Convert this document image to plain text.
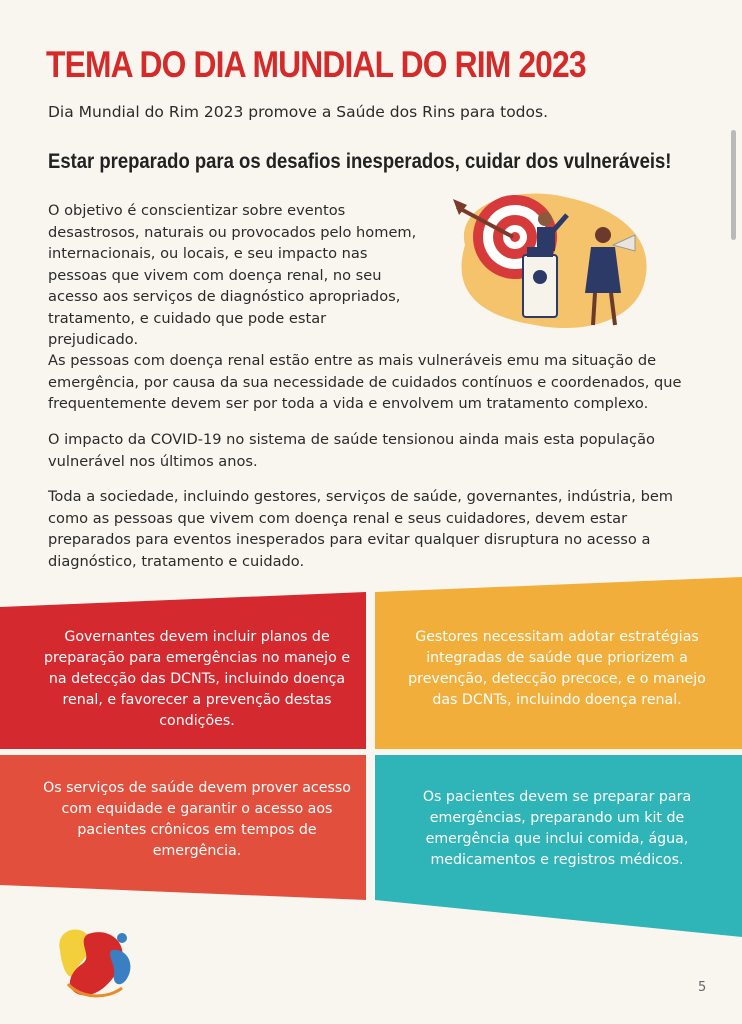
TEMA DO DIA MUNDIAL DO RIM 2023

Dia Mundial do Rim 2023 promove a Saúde dos Rins para todos.

Estar preparado para os desafios inesperados, cuidar dos vulneráveis!

O objetivo é conscientizar sobre eventos desastrosos, naturais ou provocados pelo homem, internacionais, ou locais, e seu impacto nas pessoas que vivem com doença renal, no seu acesso aos serviços de diagnóstico apropriados, tratamento, e cuidado que pode estar prejudicado.

As pessoas com doença renal estão entre as mais vulneráveis emu ma situação de emergência, por causa da sua necessidade de cuidados contínuos e coordenados, que frequentemente devem ser por toda a vida e envolvem um tratamento complexo.

O impacto da COVID-19 no sistema de saúde tensionou ainda mais esta população vulnerável nos últimos anos.

Toda a sociedade, incluindo gestores, serviços de saúde, governantes, indústria, bem como as pessoas que vivem com doença renal e seus cuidadores, devem estar preparados para eventos inesperados para evitar qualquer disruptura no acesso a diagnóstico, tratamento e cuidado.

Governantes devem incluir planos de preparação para emergências no manejo e na detecção das DCNTs, incluindo doença renal, e favorecer a prevenção destas condições.

Gestores necessitam adotar estratégias integradas de saúde que priorizem a prevenção, detecção precoce, e o manejo das DCNTs, incluindo doença renal.

Os serviços de saúde devem prover acesso com equidade e garantir o acesso aos pacientes crônicos em tempos de emergência.

Os pacientes devem se preparar para emergências, preparando um kit de emergência que inclui comida, água, medicamentos e registros médicos.

5
